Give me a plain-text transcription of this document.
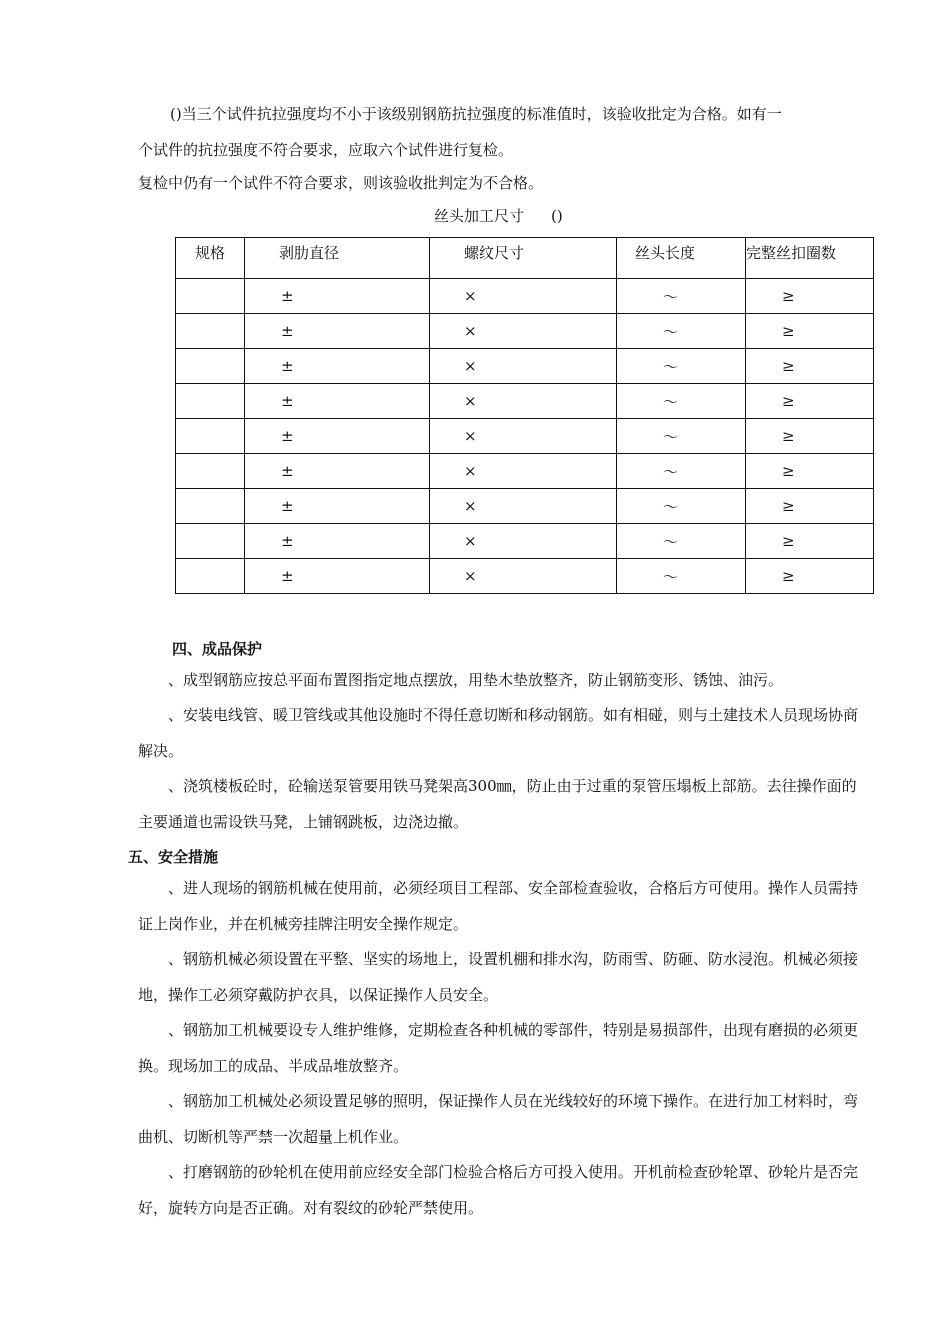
()当三个试件抗拉强度均不小于该级别钢筋抗拉强度的标准值时，该验收批定为合格。如有一

个试件的抗拉强度不符合要求，应取六个试件进行复检。

复检中仍有一个试件不符合要求，则该验收批判定为不合格。

丝头加工尺寸 ()
规格	剥肋直径	螺纹尺寸	丝头长度	完整丝扣圈数
	±	×	～	≥
	±	×	～	≥
	±	×	～	≥
	±	×	～	≥
	±	×	～	≥
	±	×	～	≥
	±	×	～	≥
	±	×	～	≥
	±	×	～	≥

四、成品保护

、成型钢筋应按总平面布置图指定地点摆放，用垫木垫放整齐，防止钢筋变形、锈蚀、油污。

、安装电线管、暖卫管线或其他设施时不得任意切断和移动钢筋。如有相碰，则与土建技术人员现场协商解决。

、浇筑楼板砼时，砼输送泵管要用铁马凳架高300㎜，防止由于过重的泵管压塌板上部筋。去往操作面的主要通道也需设铁马凳，上铺钢跳板，边浇边撤。

五、安全措施

、进人现场的钢筋机械在使用前，必须经项目工程部、安全部检查验收，合格后方可使用。操作人员需持证上岗作业，并在机械旁挂牌注明安全操作规定。

、钢筋机械必须设置在平整、坚实的场地上，设置机棚和排水沟，防雨雪、防砸、防水浸泡。机械必须接地，操作工必须穿戴防护衣具，以保证操作人员安全。

、钢筋加工机械要设专人维护维修，定期检查各种机械的零部件，特别是易损部件，出现有磨损的必须更换。现场加工的成品、半成品堆放整齐。

、钢筋加工机械处必须设置足够的照明，保证操作人员在光线较好的环境下操作。在进行加工材料时，弯曲机、切断机等严禁一次超量上机作业。

、打磨钢筋的砂轮机在使用前应经安全部门检验合格后方可投入使用。开机前检查砂轮罩、砂轮片是否完好，旋转方向是否正确。对有裂纹的砂轮严禁使用。
